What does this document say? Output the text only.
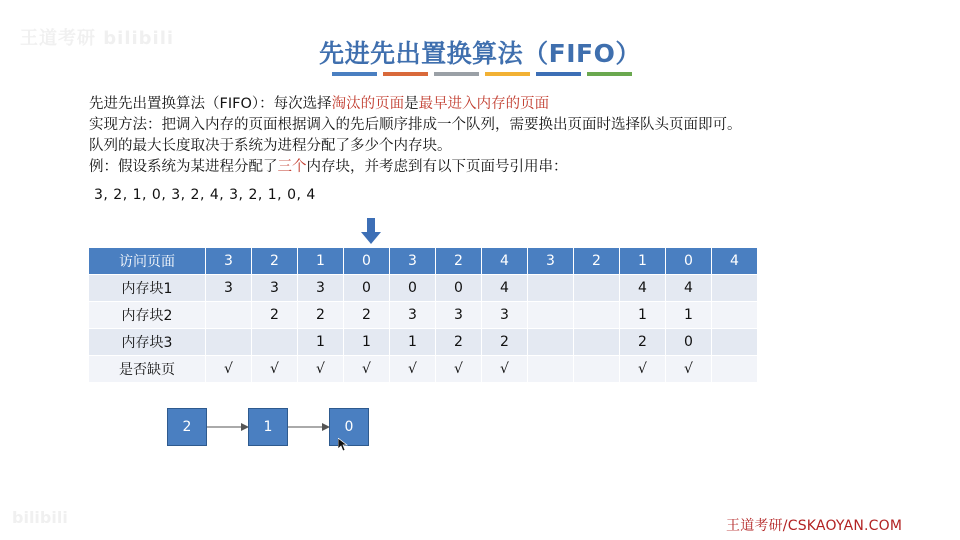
王道考研 bilibili
bilibili
先进先出置换算法（FIFO）

先进先出置换算法（FIFO）：每次选择淘汰的页面是最早进入内存的页面

实现方法：把调入内存的页面根据调入的先后顺序排成一个队列，需要换出页面时选择队头页面即可。

队列的最大长度取决于系统为进程分配了多少个内存块。

例：假设系统为某进程分配了三个内存块，并考虑到有以下页面号引用串：

3, 2, 1, 0, 3, 2, 4, 3, 2, 1, 0, 4
访问页面	3	2	1	0	3	2	4	3	2	1	0	4
内存块1	3	3	3	0	0	0	4			4	4	
内存块2		2	2	2	3	3	3			1	1	
内存块3			1	1	1	2	2			2	0	
是否缺页	√	√	√	√	√	√	√			√	√	
2	1	0
王道考研/CSKAOYAN.COM
